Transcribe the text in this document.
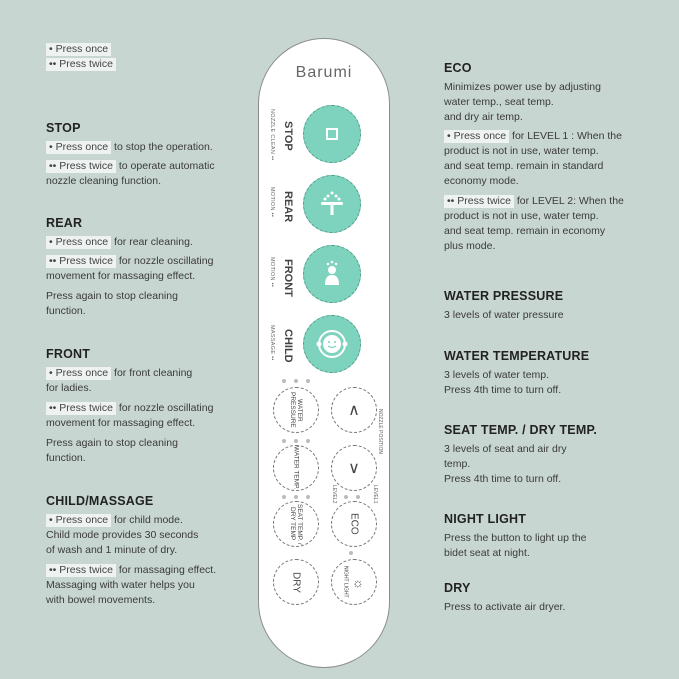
• Press once
•• Press twice
STOP

• Press once to stop the operation.

•• Press twice to operate automatic

nozzle cleaning function.

REAR

• Press once for rear cleaning.

•• Press twice for nozzle oscillating

movement for massaging effect.

Press again to stop cleaning

function.

FRONT

• Press once for front cleaning

for ladies.

•• Press twice for nozzle oscillating

movement for massaging effect.

Press again to stop cleaning

function.

CHILD/MASSAGE

• Press once for child mode.

Child mode provides 30 seconds

of wash and 1 minute of dry.

•• Press twice for massaging effect.

Massaging with water helps you

with bowel movements.

ECO

Minimizes power use by adjusting

water temp., seat temp.

and dry air temp.

• Press once for LEVEL 1 : When the

product is not in use, water temp.

and seat temp. remain in standard

economy mode.

•• Press twice for LEVEL 2: When the

product is not in use, water temp.

and seat temp. remain in economy

plus mode.

WATER PRESSURE

3 levels of water pressure

WATER TEMPERATURE

3 levels of water temp.

Press 4th time to turn off.

SEAT TEMP. / DRY TEMP.

3 levels of seat and air dry

temp.

Press 4th time to turn off.

NIGHT LIGHT

Press the button to light up the

bidet seat at night.

DRY

Press to activate air dryer.

Barumi
STOP
NOZZLE CLEAN ••
REAR
MOTION ••
FRONT
MOTION ••
CHILD
MASSAGE ••
WATER PRESSURE	∧	NOZZLE POSITION
WATER TEMP.	∨
LEVEL2	LEVEL1
SEAT TEMP. / DRY TEMP	ECO
DRY	NIGHT LIGHT ☼
